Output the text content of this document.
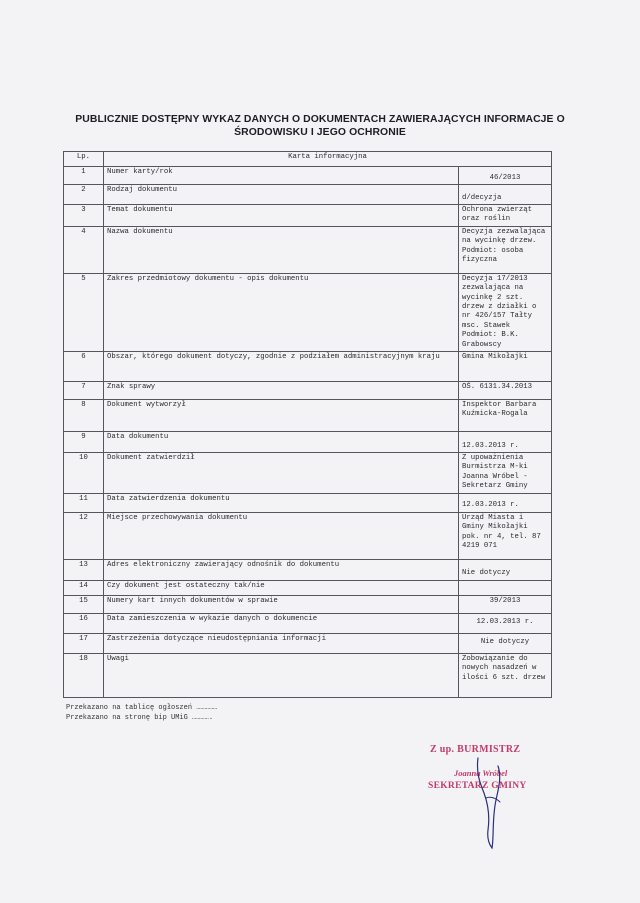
PUBLICZNIE DOSTĘPNY WYKAZ DANYCH O DOKUMENTACH ZAWIERAJĄCYCH INFORMACJE O
ŚRODOWISKU I JEGO OCHRONIE
Lp.	Karta informacyjna	
1	Numer karty/rok	46/2013
2	Rodzaj dokumentu	d/decyzja
3	Temat dokumentu	Ochrona zwierząt oraz roślin
4	Nazwa dokumentu	Decyzja zezwalająca na wycinkę drzew. Podmiot: osoba fizyczna
5	Zakres przedmiotowy dokumentu - opis dokumentu	Decyzja 17/2013 zezwalająca na wycinkę 2 szt. drzew z działki o nr 426/157 Tałty msc. Stawek Podmiot: B.K. Grabowscy
6	Obszar, którego dokument dotyczy, zgodnie z podziałem administracyjnym kraju	Gmina Mikołajki
7	Znak sprawy	OŚ. 6131.34.2013
8	Dokument wytworzył	Inspektor Barbara Kuźmicka-Rogala
9	Data dokumentu	12.03.2013 r.
10	Dokument zatwierdził	Z upoważnienia Burmistrza M-ki Joanna Wróbel - Sekretarz Gminy
11	Data zatwierdzenia dokumentu	12.03.2013 r.
12	Miejsce przechowywania dokumentu	Urząd Miasta i Gminy Mikołajki pok. nr 4, tel. 87 4219 071
13	Adres elektroniczny zawierający odnośnik do dokumentu	Nie dotyczy
14	Czy dokument jest ostateczny tak/nie	
15	Numery kart innych dokumentów w sprawie	39/2013
16	Data zamieszczenia w wykazie danych o dokumencie	12.03.2013 r.
17	Zastrzeżenia dotyczące nieudostępniania informacji	Nie dotyczy
18	Uwagi	Zobowiązanie do nowych nasadzeń w ilości 6 szt. drzew
Przekazano na tablicę ogłoszeń ……………
Przekazano na stronę bip UMiG ………….
Z up. BURMISTRZ
Joanna Wróbel
SEKRETARZ GMINY
